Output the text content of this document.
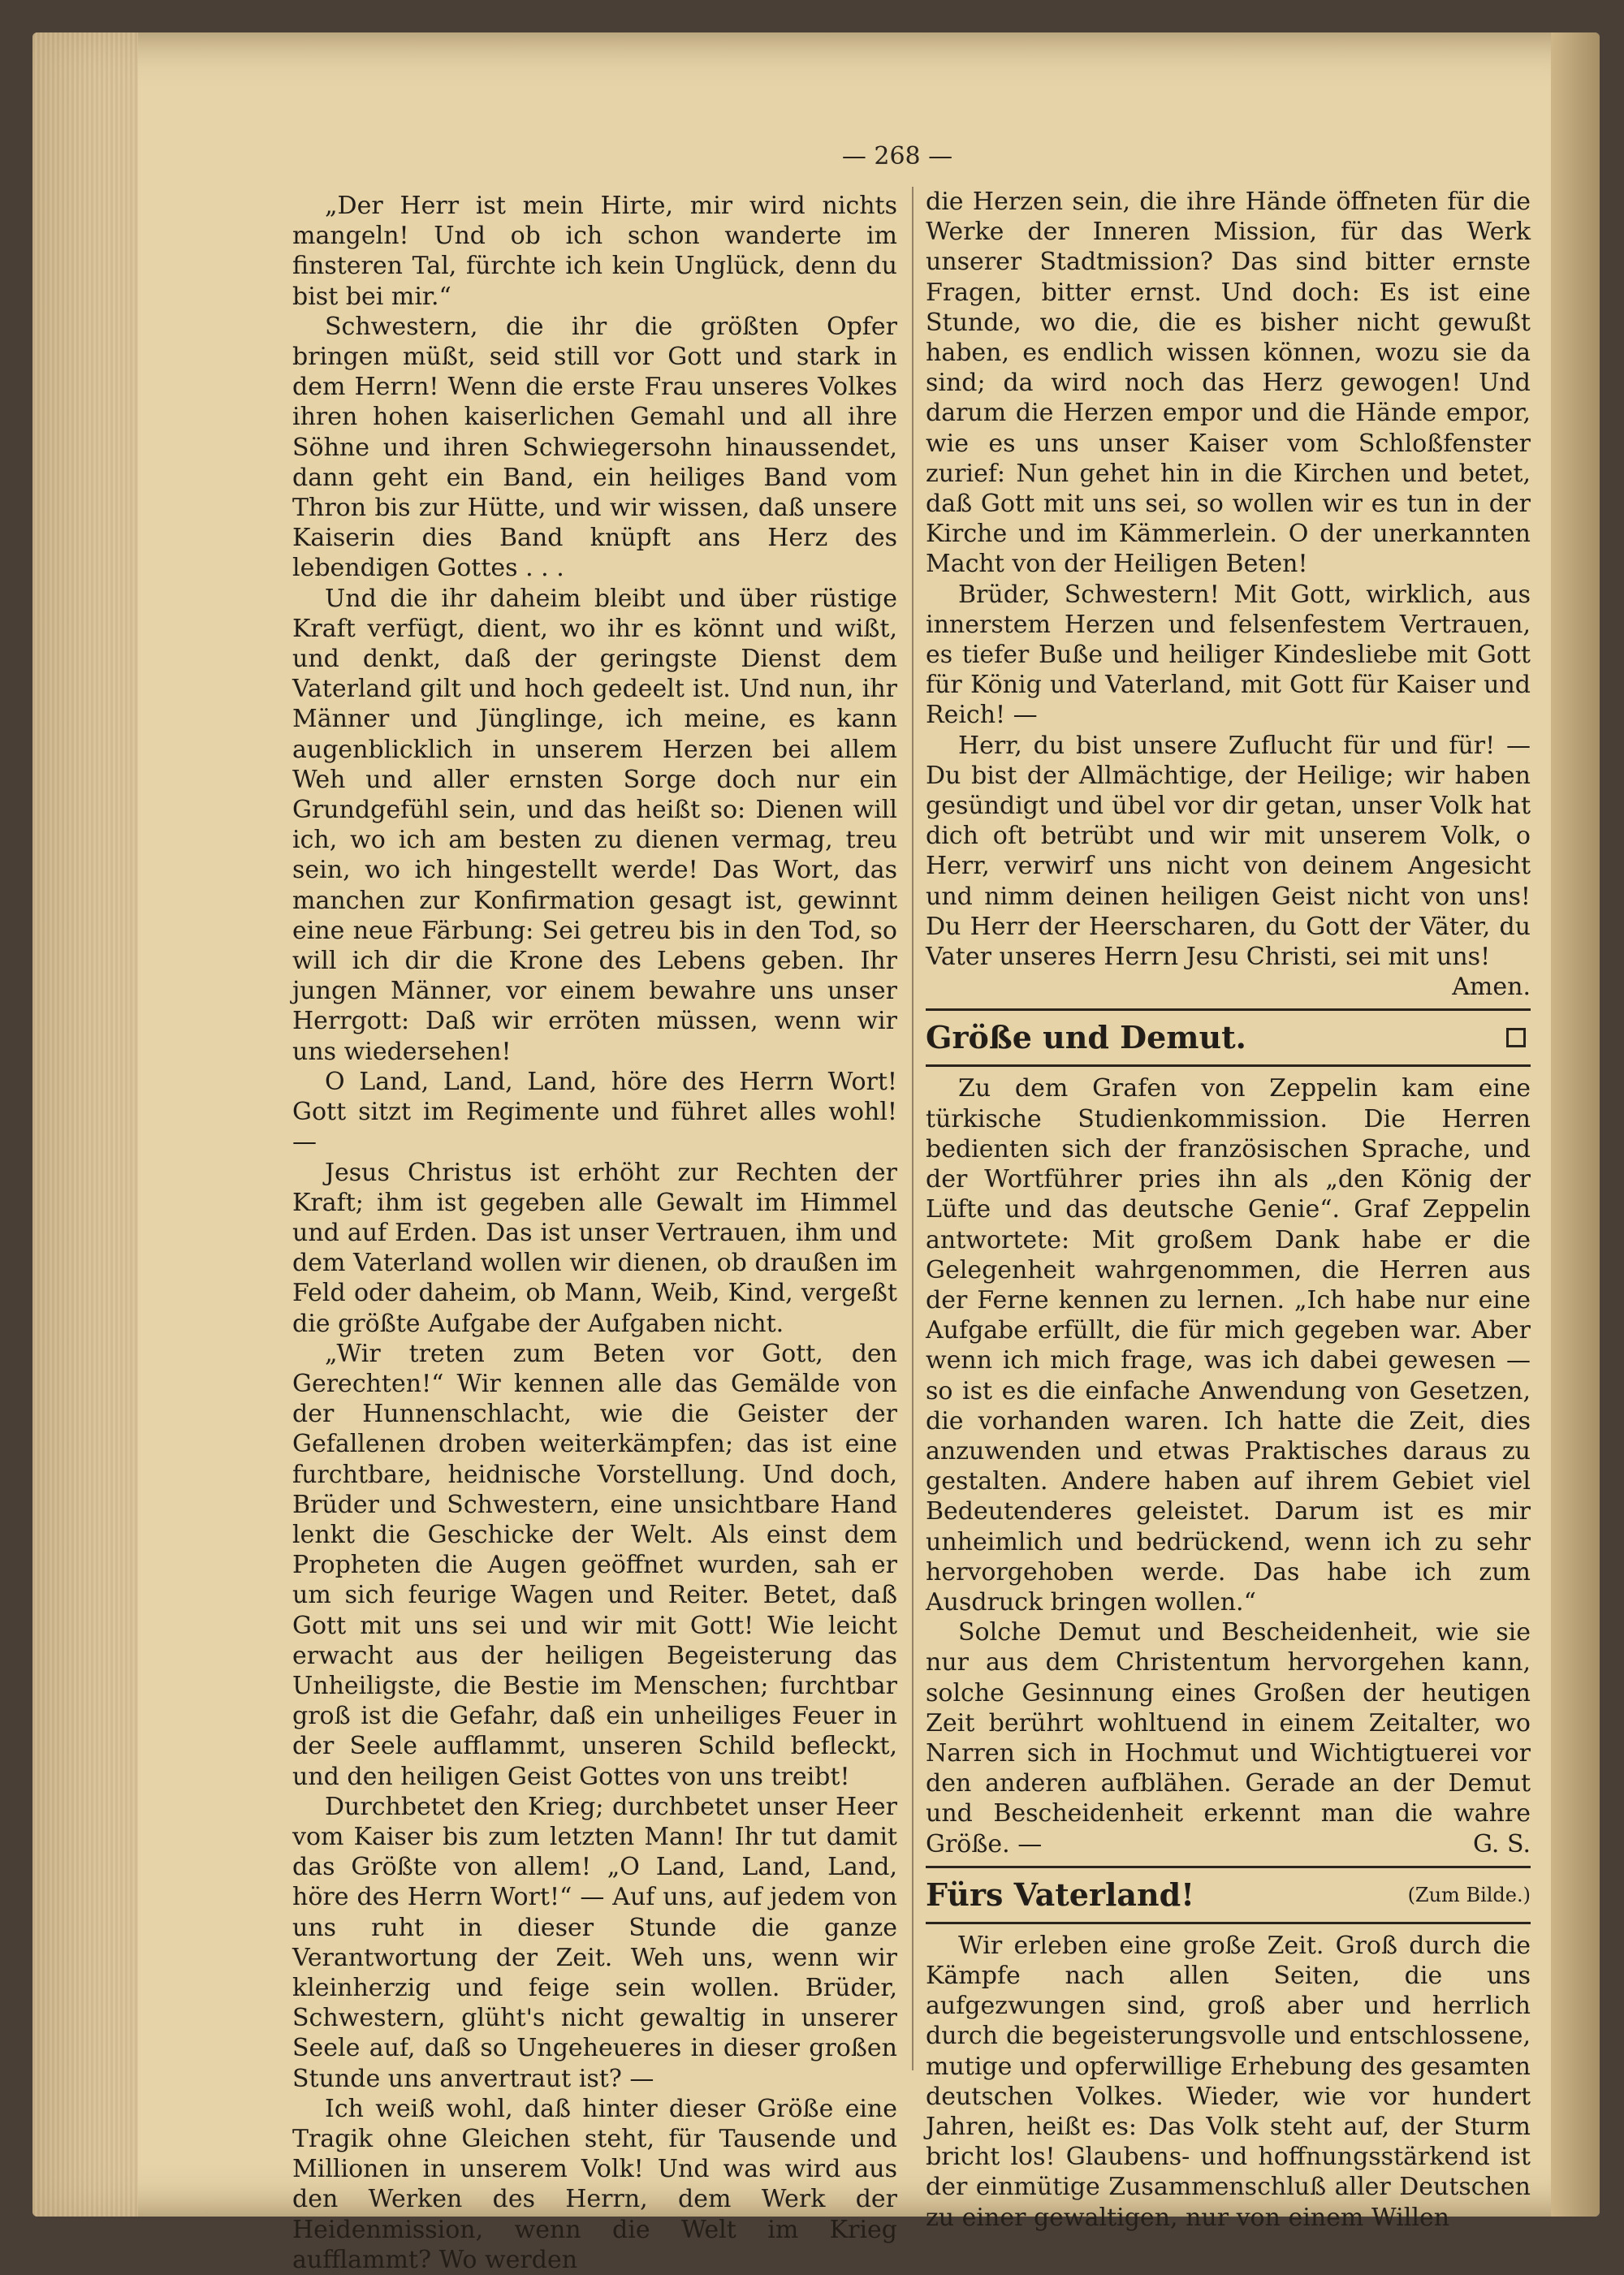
— 268 —

„Der Herr ist mein Hirte, mir wird nichts mangeln! Und ob ich schon wanderte im finsteren Tal, fürchte ich kein Unglück, denn du bist bei mir.“

Schwestern, die ihr die größten Opfer bringen müßt, seid still vor Gott und stark in dem Herrn! Wenn die erste Frau unseres Volkes ihren hohen kaiserlichen Gemahl und all ihre Söhne und ihren Schwiegersohn hinaussendet, dann geht ein Band, ein heiliges Band vom Thron bis zur Hütte, und wir wissen, daß unsere Kaiserin dies Band knüpft ans Herz des lebendigen Gottes . . .

Und die ihr daheim bleibt und über rüstige Kraft verfügt, dient, wo ihr es könnt und wißt, und denkt, daß der geringste Dienst dem Vaterland gilt und hoch gedeelt ist. Und nun, ihr Männer und Jünglinge, ich meine, es kann augenblicklich in unserem Herzen bei allem Weh und aller ernsten Sorge doch nur ein Grundgefühl sein, und das heißt so: Dienen will ich, wo ich am besten zu dienen vermag, treu sein, wo ich hingestellt werde! Das Wort, das manchen zur Konfirmation gesagt ist, gewinnt eine neue Färbung: Sei getreu bis in den Tod, so will ich dir die Krone des Lebens geben. Ihr jungen Männer, vor einem bewahre uns unser Herrgott: Daß wir erröten müssen, wenn wir uns wiedersehen!

O Land, Land, Land, höre des Herrn Wort! Gott sitzt im Regimente und führet alles wohl! —

Jesus Christus ist erhöht zur Rechten der Kraft; ihm ist gegeben alle Gewalt im Himmel und auf Erden. Das ist unser Vertrauen, ihm und dem Vaterland wollen wir dienen, ob draußen im Feld oder daheim, ob Mann, Weib, Kind, vergeßt die größte Aufgabe der Aufgaben nicht.

„Wir treten zum Beten vor Gott, den Gerechten!“ Wir kennen alle das Gemälde von der Hunnenschlacht, wie die Geister der Gefallenen droben weiterkämpfen; das ist eine furchtbare, heidnische Vorstellung. Und doch, Brüder und Schwestern, eine unsichtbare Hand lenkt die Geschicke der Welt. Als einst dem Propheten die Augen geöffnet wurden, sah er um sich feurige Wagen und Reiter. Betet, daß Gott mit uns sei und wir mit Gott! Wie leicht erwacht aus der heiligen Begeisterung das Unheiligste, die Bestie im Menschen; furchtbar groß ist die Gefahr, daß ein unheiliges Feuer in der Seele aufflammt, unseren Schild befleckt, und den heiligen Geist Gottes von uns treibt!

Durchbetet den Krieg; durchbetet unser Heer vom Kaiser bis zum letzten Mann! Ihr tut damit das Größte von allem! „O Land, Land, Land, höre des Herrn Wort!“ — Auf uns, auf jedem von uns ruht in dieser Stunde die ganze Verantwortung der Zeit. Weh uns, wenn wir kleinherzig und feige sein wollen. Brüder, Schwestern, glüht's nicht gewaltig in unserer Seele auf, daß so Ungeheueres in dieser großen Stunde uns anvertraut ist? —

Ich weiß wohl, daß hinter dieser Größe eine Tragik ohne Gleichen steht, für Tausende und Millionen in unserem Volk! Und was wird aus den Werken des Herrn, dem Werk der Heidenmission, wenn die Welt im Krieg aufflammt? Wo werden

die Herzen sein, die ihre Hände öffneten für die Werke der Inneren Mission, für das Werk unserer Stadtmission? Das sind bitter ernste Fragen, bitter ernst. Und doch: Es ist eine Stunde, wo die, die es bisher nicht gewußt haben, es endlich wissen können, wozu sie da sind; da wird noch das Herz gewogen! Und darum die Herzen empor und die Hände empor, wie es uns unser Kaiser vom Schloßfenster zurief: Nun gehet hin in die Kirchen und betet, daß Gott mit uns sei, so wollen wir es tun in der Kirche und im Kämmerlein. O der unerkannten Macht von der Heiligen Beten!

Brüder, Schwestern! Mit Gott, wirklich, aus innerstem Herzen und felsenfestem Vertrauen, es tiefer Buße und heiliger Kindesliebe mit Gott für König und Vaterland, mit Gott für Kaiser und Reich! —

Herr, du bist unsere Zuflucht für und für! — Du bist der Allmächtige, der Heilige; wir haben gesündigt und übel vor dir getan, unser Volk hat dich oft betrübt und wir mit unserem Volk, o Herr, verwirf uns nicht von deinem Angesicht und nimm deinen heiligen Geist nicht von uns! Du Herr der Heerscharen, du Gott der Väter, du Vater unseres Herrn Jesu Christi, sei mit uns!
Amen.

Größe und Demut.

Zu dem Grafen von Zeppelin kam eine türkische Studienkommission. Die Herren bedienten sich der französischen Sprache, und der Wortführer pries ihn als „den König der Lüfte und das deutsche Genie“. Graf Zeppelin antwortete: Mit großem Dank habe er die Gelegenheit wahrgenommen, die Herren aus der Ferne kennen zu lernen. „Ich habe nur eine Aufgabe erfüllt, die für mich gegeben war. Aber wenn ich mich frage, was ich dabei gewesen — so ist es die einfache Anwendung von Gesetzen, die vorhanden waren. Ich hatte die Zeit, dies anzuwenden und etwas Praktisches daraus zu gestalten. Andere haben auf ihrem Gebiet viel Bedeutenderes geleistet. Darum ist es mir unheimlich und bedrückend, wenn ich zu sehr hervorgehoben werde. Das habe ich zum Ausdruck bringen wollen.“

Solche Demut und Bescheidenheit, wie sie nur aus dem Christentum hervorgehen kann, solche Gesinnung eines Großen der heutigen Zeit berührt wohltuend in einem Zeitalter, wo Narren sich in Hochmut und Wichtigtuerei vor den anderen aufblähen. Gerade an der Demut und Bescheidenheit erkennt man die wahre Größe. —	G. S.

Fürs Vaterland!	(Zum Bilde.)

Wir erleben eine große Zeit. Groß durch die Kämpfe nach allen Seiten, die uns aufgezwungen sind, groß aber und herrlich durch die begeisterungsvolle und entschlossene, mutige und opferwillige Erhebung des gesamten deutschen Volkes. Wieder, wie vor hundert Jahren, heißt es: Das Volk steht auf, der Sturm bricht los! Glaubens- und hoffnungsstärkend ist der einmütige Zusammenschluß aller Deutschen zu einer gewaltigen, nur von einem Willen
